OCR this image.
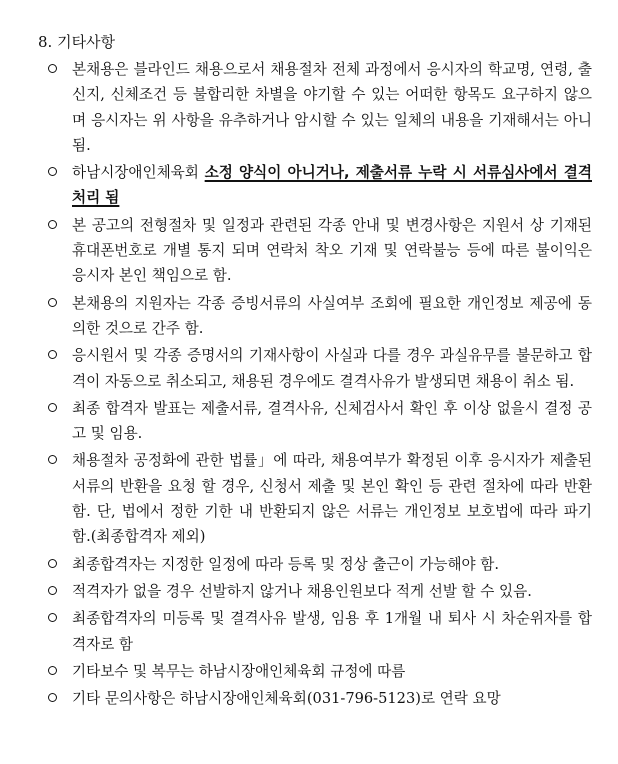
8. 기타사항
본채용은 블라인드 채용으로서 채용절차 전체 과정에서 응시자의 학교명, 연령, 출신지, 신체조건 등 불합리한 차별을 야기할 수 있는 어떠한 항목도 요구하지 않으며 응시자는 위 사항을 유추하거나 암시할 수 있는 일체의 내용을 기재해서는 아니 됨.
하남시장애인체육회 소정 양식이 아니거나, 제출서류 누락 시 서류심사에서 결격처리 됨
본 공고의 전형절차 및 일정과 관련된 각종 안내 및 변경사항은 지원서 상 기재된 휴대폰번호로 개별 통지 되며 연락처 착오 기재 및 연락불능 등에 따른 불이익은 응시자 본인 책임으로 함.
본채용의 지원자는 각종 증빙서류의 사실여부 조회에 필요한 개인정보 제공에 동의한 것으로 간주 함.
응시원서 및 각종 증명서의 기재사항이 사실과 다를 경우 과실유무를 불문하고 합격이 자동으로 취소되고, 채용된 경우에도 결격사유가 발생되면 채용이 취소 됨.
최종 합격자 발표는 제출서류, 결격사유, 신체검사서 확인 후 이상 없을시 결정 공고 및 임용.
채용절차 공정화에 관한 법률」에 따라, 채용여부가 확정된 이후 응시자가 제출된 서류의 반환을 요청 할 경우, 신청서 제출 및 본인 확인 등 관련 절차에 따라 반환 함. 단, 법에서 정한 기한 내 반환되지 않은 서류는 개인정보 보호법에 따라 파기 함.(최종합격자 제외)
최종합격자는 지정한 일정에 따라 등록 및 정상 출근이 가능해야 함.
적격자가 없을 경우 선발하지 않거나 채용인원보다 적게 선발 할 수 있음.
최종합격자의 미등록 및 결격사유 발생, 임용 후 1개월 내 퇴사 시 차순위자를 합격자로 함
기타보수 및 복무는 하남시장애인체육회 규정에 따름
기타 문의사항은 하남시장애인체육회(031-796-5123)로 연락 요망
